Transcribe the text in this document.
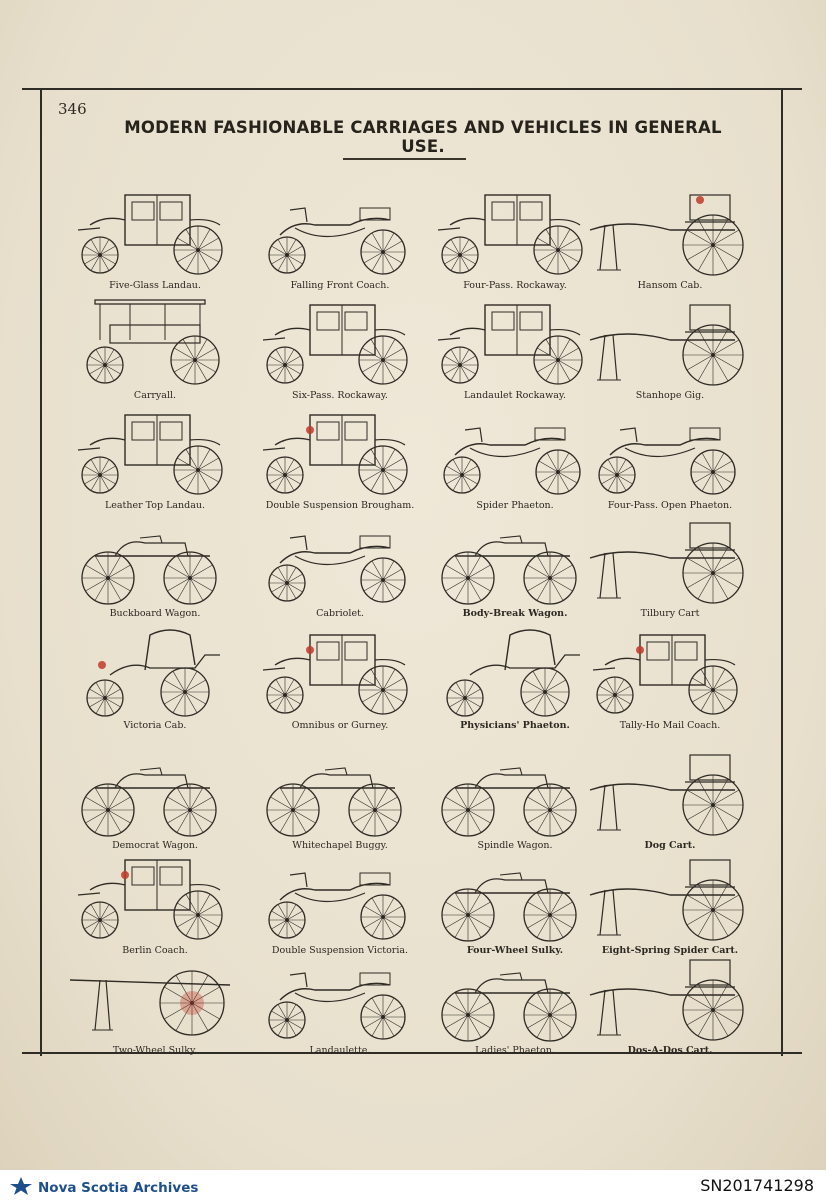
346
MODERN FASHIONABLE CARRIAGES AND VEHICLES IN GENERAL USE.
Five-Glass Landau.	Falling Front Coach.	Four-Pass. Rockaway.	Hansom Cab.
Carryall.	Six-Pass. Rockaway.	Landaulet Rockaway.	Stanhope Gig.
Leather Top Landau.	Double Suspension Brougham.	Spider Phaeton.	Four-Pass. Open Phaeton.
Buckboard Wagon.	Cabriolet.	Body-Break Wagon.	Tilbury Cart
Victoria Cab.	Omnibus or Gurney.	Physicians' Phaeton.	Tally-Ho Mail Coach.
Democrat Wagon.	Whitechapel Buggy.	Spindle Wagon.	Dog Cart.
Berlin Coach.	Double Suspension Victoria.	Four-Wheel Sulky.	Eight-Spring Spider Cart.
Two-Wheel Sulky.	Landaulette.	Ladies' Phaeton.	Dos-A-Dos Cart.
Nova Scotia Archives	SN201741298
